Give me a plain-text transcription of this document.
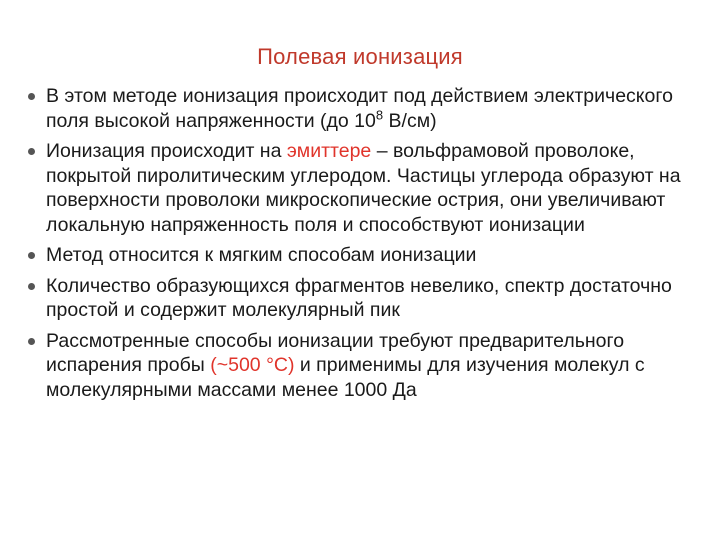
Полевая ионизация
В этом методе ионизация происходит под действием электрического поля высокой напряженности (до $10^8$ В/см)
Ионизация происходит на эмиттере – вольфрамовой проволоке, покрытой пиролитическим углеродом. Частицы углерода образуют на поверхности проволоки микроскопические острия, они увеличивают локальную напряженность поля и способствуют ионизации
Метод относится к мягким способам ионизации
Количество образующихся фрагментов невелико, спектр достаточно простой и содержит молекулярный пик
Рассмотренные способы ионизации требуют предварительного испарения пробы (~500 °С) и применимы для изучения молекул с молекулярными массами менее 1000 Да
